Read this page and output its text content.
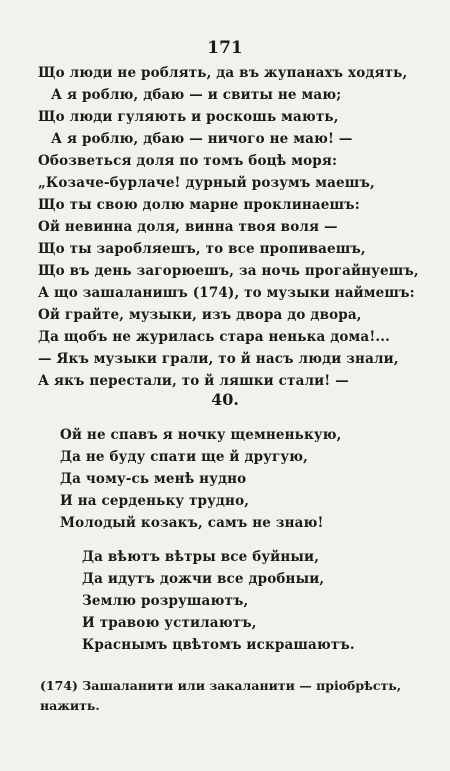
171
Що люди не роблять, да въ жупанахъ ходять,
А я роблю, дбаю — и свиты не маю;
Що люди гуляють и роскошь мають,
А я роблю, дбаю — ничого не маю! —
Обозветься доля по томъ боцѣ моря:
„Козаче-бурлаче! дурный розумъ маешъ,
Що ты свою долю марне проклинаешъ:
Ой невинна доля, винна твоя воля —
Що ты заробляешъ, то все пропиваешъ,
Що въ день загорюешъ, за ночь прогайнуешъ,
А що зашаланишъ (174), то музыки наймешъ:
Ой грайте, музыки, изъ двора до двора,
Да щобъ не журилась стара ненька дома!...
— Якъ музыки грали, то й насъ люди знали,
А якъ перестали, то й ляшки стали! —
40.
Ой не спавъ я ночку щемненькую,
Да не буду спати ще й другую,
Да чому-сь менѣ нудно
И на серденьку трудно,
Молодый козакъ, самъ не знаю!
Да вѣютъ вѣтры все буйныи,
Да идутъ дожчи все дробныи,
Землю розрушаютъ,
И травою устилаютъ,
Краснымъ цвѣтомъ искрашаютъ.
(174) Зашаланити или закаланити — прiобрѣсть,
нажить.
